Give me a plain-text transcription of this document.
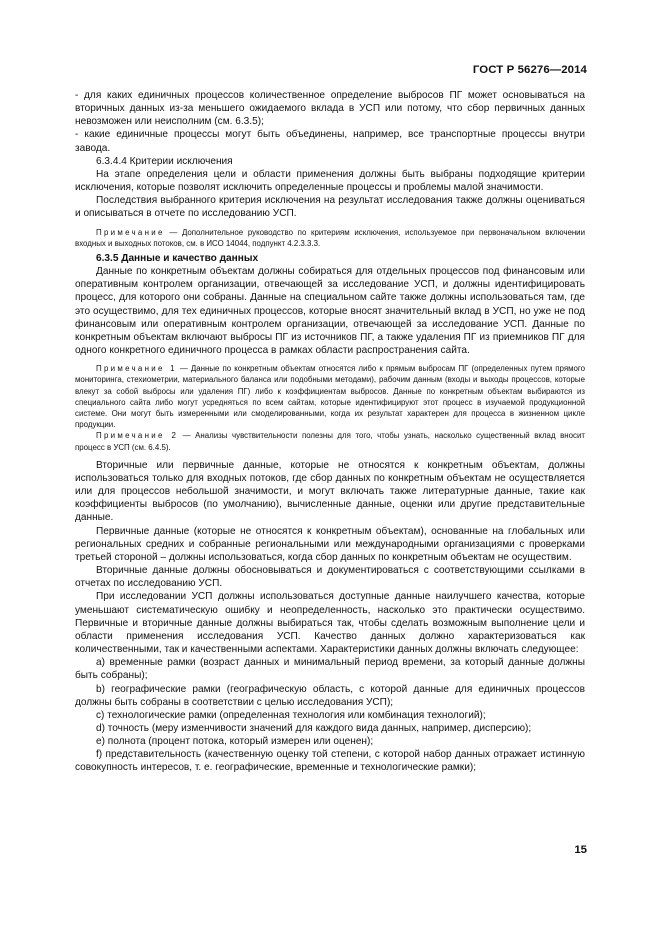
ГОСТ Р 56276—2014

- для каких единичных процессов количественное определение выбросов ПГ может основываться на вторичных данных из-за меньшего ожидаемого вклада в УСП или потому, что сбор первичных данных невозможен или неисполним (см. 6.3.5);

- какие единичные процессы могут быть объединены, например, все транспортные процессы внутри завода.

6.3.4.4 Критерии исключения

На этапе определения цели и области применения должны быть выбраны подходящие критерии исключения, которые позволят исключить определенные процессы и проблемы малой значимости.

Последствия выбранного критерия исключения на результат исследования также должны оцениваться и описываться в отчете по исследованию УСП.

Примечание — Дополнительное руководство по критериям исключения, используемое при первоначальном включении входных и выходных потоков, см. в ИСО 14044, подпункт 4.2.3.3.3.

6.3.5 Данные и качество данных

Данные по конкретным объектам должны собираться для отдельных процессов под финансовым или оперативным контролем организации, отвечающей за исследование УСП, и должны идентифицировать процесс, для которого они собраны. Данные на специальном сайте также должны использоваться там, где это осуществимо, для тех единичных процессов, которые вносят значительный вклад в УСП, но уже не под финансовым или оперативным контролем организации, отвечающей за исследование УСП. Данные по конкретным объектам включают выбросы ПГ из источников ПГ, а также удаления ПГ из приемников ПГ для одного конкретного единичного процесса в рамках области распространения сайта.

Примечание 1 — Данные по конкретным объектам относятся либо к прямым выбросам ПГ (определенных путем прямого мониторинга, стехиометрии, материального баланса или подобными методами), рабочим данным (входы и выходы процессов, которые влекут за собой выбросы или удаления ПГ) либо к коэффициентам выбросов. Данные по конкретным объектам выбираются из специального сайта либо могут усредняться по всем сайтам, которые идентифицируют этот процесс в изучаемой продукционной системе. Они могут быть измеренными или смоделированными, когда их результат характерен для процесса в жизненном цикле продукции.

Примечание 2 — Анализы чувствительности полезны для того, чтобы узнать, насколько существенный вклад вносит процесс в УСП (см. 6.4.5).

Вторичные или первичные данные, которые не относятся к конкретным объектам, должны использоваться только для входных потоков, где сбор данных по конкретным объектам не осуществляется или для процессов небольшой значимости, и могут включать также литературные данные, такие как коэффициенты выбросов (по умолчанию), вычисленные данные, оценки или другие представительные данные.

Первичные данные (которые не относятся к конкретным объектам), основанные на глобальных или региональных средних и собранные региональными или международными организациями с проверками третьей стороной – должны использоваться, когда сбор данных по конкретным объектам не осуществим.

Вторичные данные должны обосновываться и документироваться с соответствующими ссылками в отчетах по исследованию УСП.

При исследовании УСП должны использоваться доступные данные наилучшего качества, которые уменьшают систематическую ошибку и неопределенность, насколько это практически осуществимо. Первичные и вторичные данные должны выбираться так, чтобы сделать возможным выполнение цели и области применения исследования УСП. Качество данных должно характеризоваться как количественными, так и качественными аспектами. Характеристики данных должны включать следующее:

a) временные рамки (возраст данных и минимальный период времени, за который данные должны быть собраны);

b) географические рамки (географическую область, с которой данные для единичных процессов должны быть собраны в соответствии с целью исследования УСП);

c) технологические рамки (определенная технология или комбинация технологий);

d) точность (меру изменчивости значений для каждого вида данных, например, дисперсию);

e) полнота (процент потока, который измерен или оценен);

f) представительность (качественную оценку той степени, с которой набор данных отражает истинную совокупность интересов, т. е. географические, временные и технологические рамки);

15
